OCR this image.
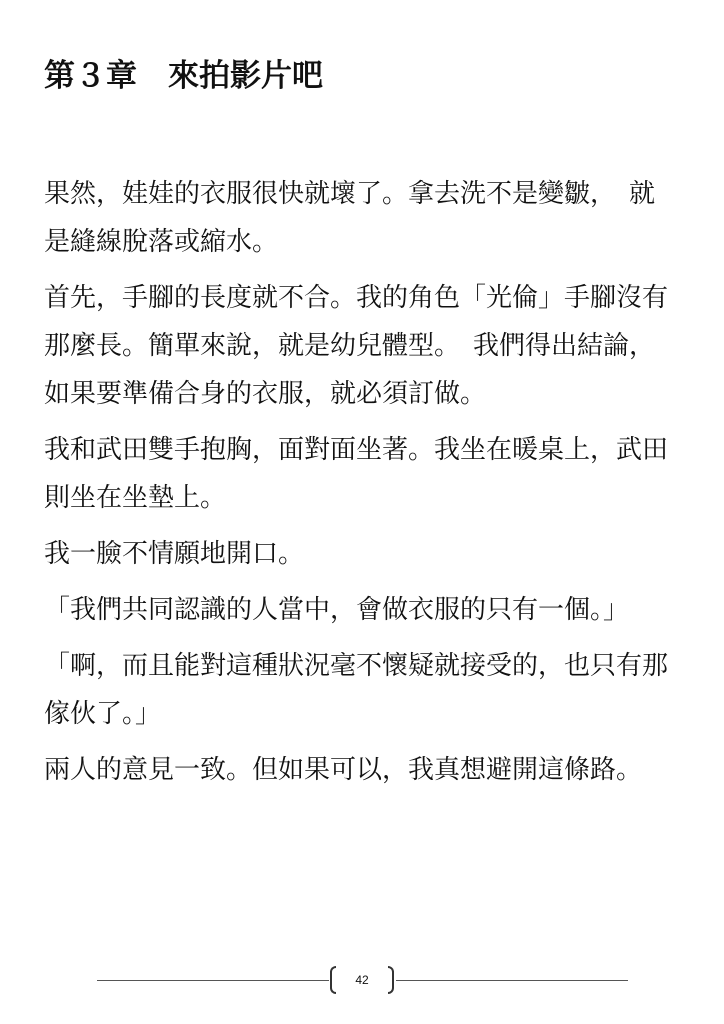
第３章　來拍影片吧

果然，娃娃的衣服很快就壞了。拿去洗不是變皺，　就是縫線脫落或縮水。

首先，手腳的長度就不合。我的角色「光倫」手腳沒有那麼長。簡單來說，就是幼兒體型。　我們得出結論，如果要準備合身的衣服，就必須訂做。

我和武田雙手抱胸，面對面坐著。我坐在暖桌上，武田則坐在坐墊上。

我一臉不情願地開口。

「我們共同認識的人當中，會做衣服的只有一個。」

「啊，而且能對這種狀況毫不懷疑就接受的，也只有那傢伙了。」

兩人的意見一致。但如果可以，我真想避開這條路。

42
